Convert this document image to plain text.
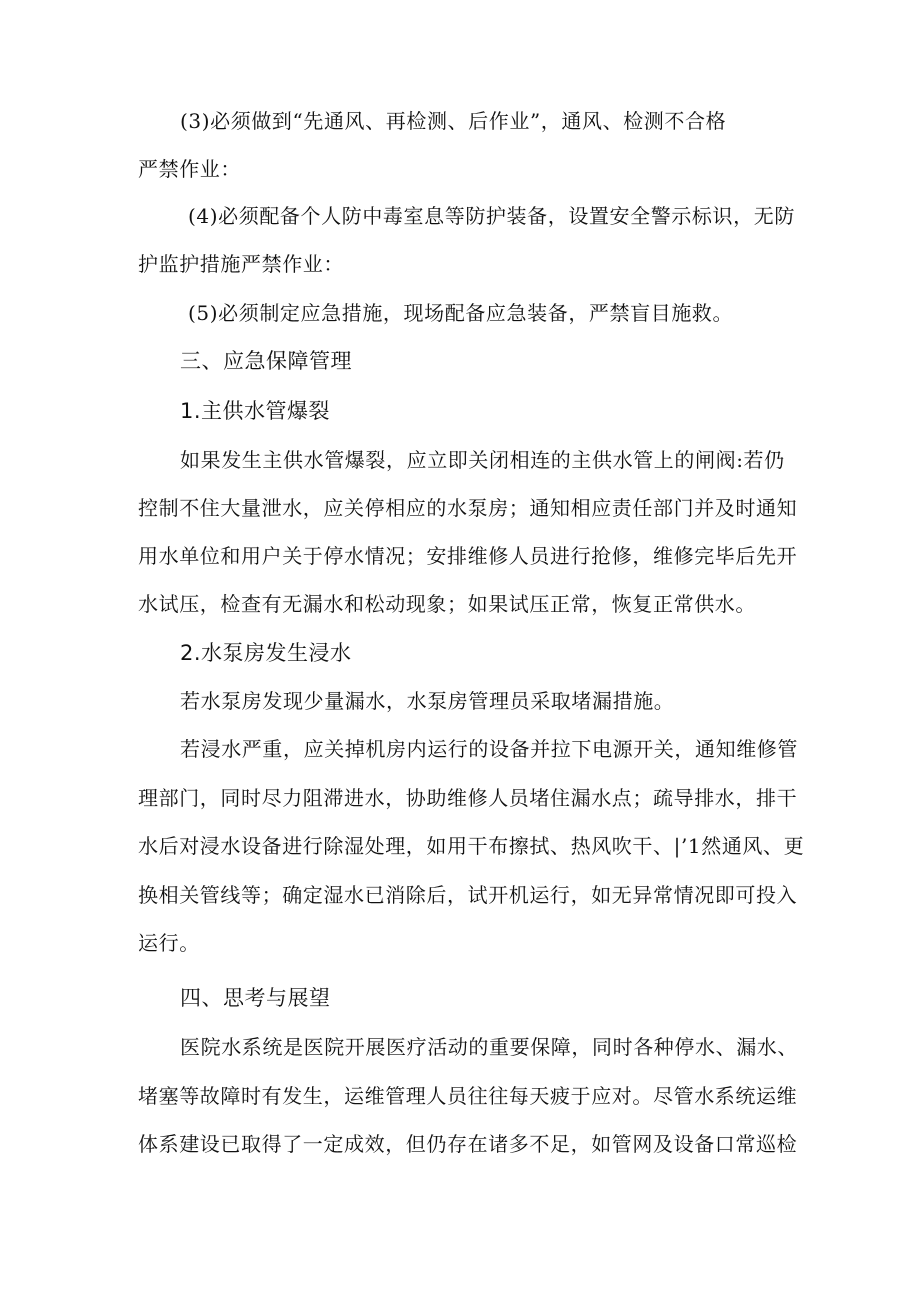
(3)必须做到“先通风、再检测、后作业”，通风、检测不合格
严禁作业：
(4)必须配备个人防中毒室息等防护装备，设置安全警示标识，无防
护监护措施严禁作业：
(5)必须制定应急措施，现场配备应急装备，严禁盲目施救。
三、应急保障管理
1.主供水管爆裂
如果发生主供水管爆裂，应立即关闭相连的主供水管上的闸阀:若仍
控制不住大量泄水，应关停相应的水泵房；通知相应责任部门并及时通知
用水单位和用户关于停水情况；安排维修人员进行抢修，维修完毕后先开
水试压，检查有无漏水和松动现象；如果试压正常，恢复正常供水。
2.水泵房发生浸水
若水泵房发现少量漏水，水泵房管理员采取堵漏措施。
若浸水严重，应关掉机房内运行的设备并拉下电源开关，通知维修管
理部门，同时尽力阻滞进水，协助维修人员堵住漏水点；疏导排水，排干
水后对浸水设备进行除湿处理，如用干布擦拭、热风吹干、|’1然通风、更
换相关管线等；确定湿水已消除后，试开机运行，如无异常情况即可投入
运行。
四、思考与展望
医院水系统是医院开展医疗活动的重要保障，同时各种停水、漏水、
堵塞等故障时有发生，运维管理人员往往每天疲于应对。尽管水系统运维
体系建设已取得了一定成效，但仍存在诸多不足，如管网及设备口常巡检
